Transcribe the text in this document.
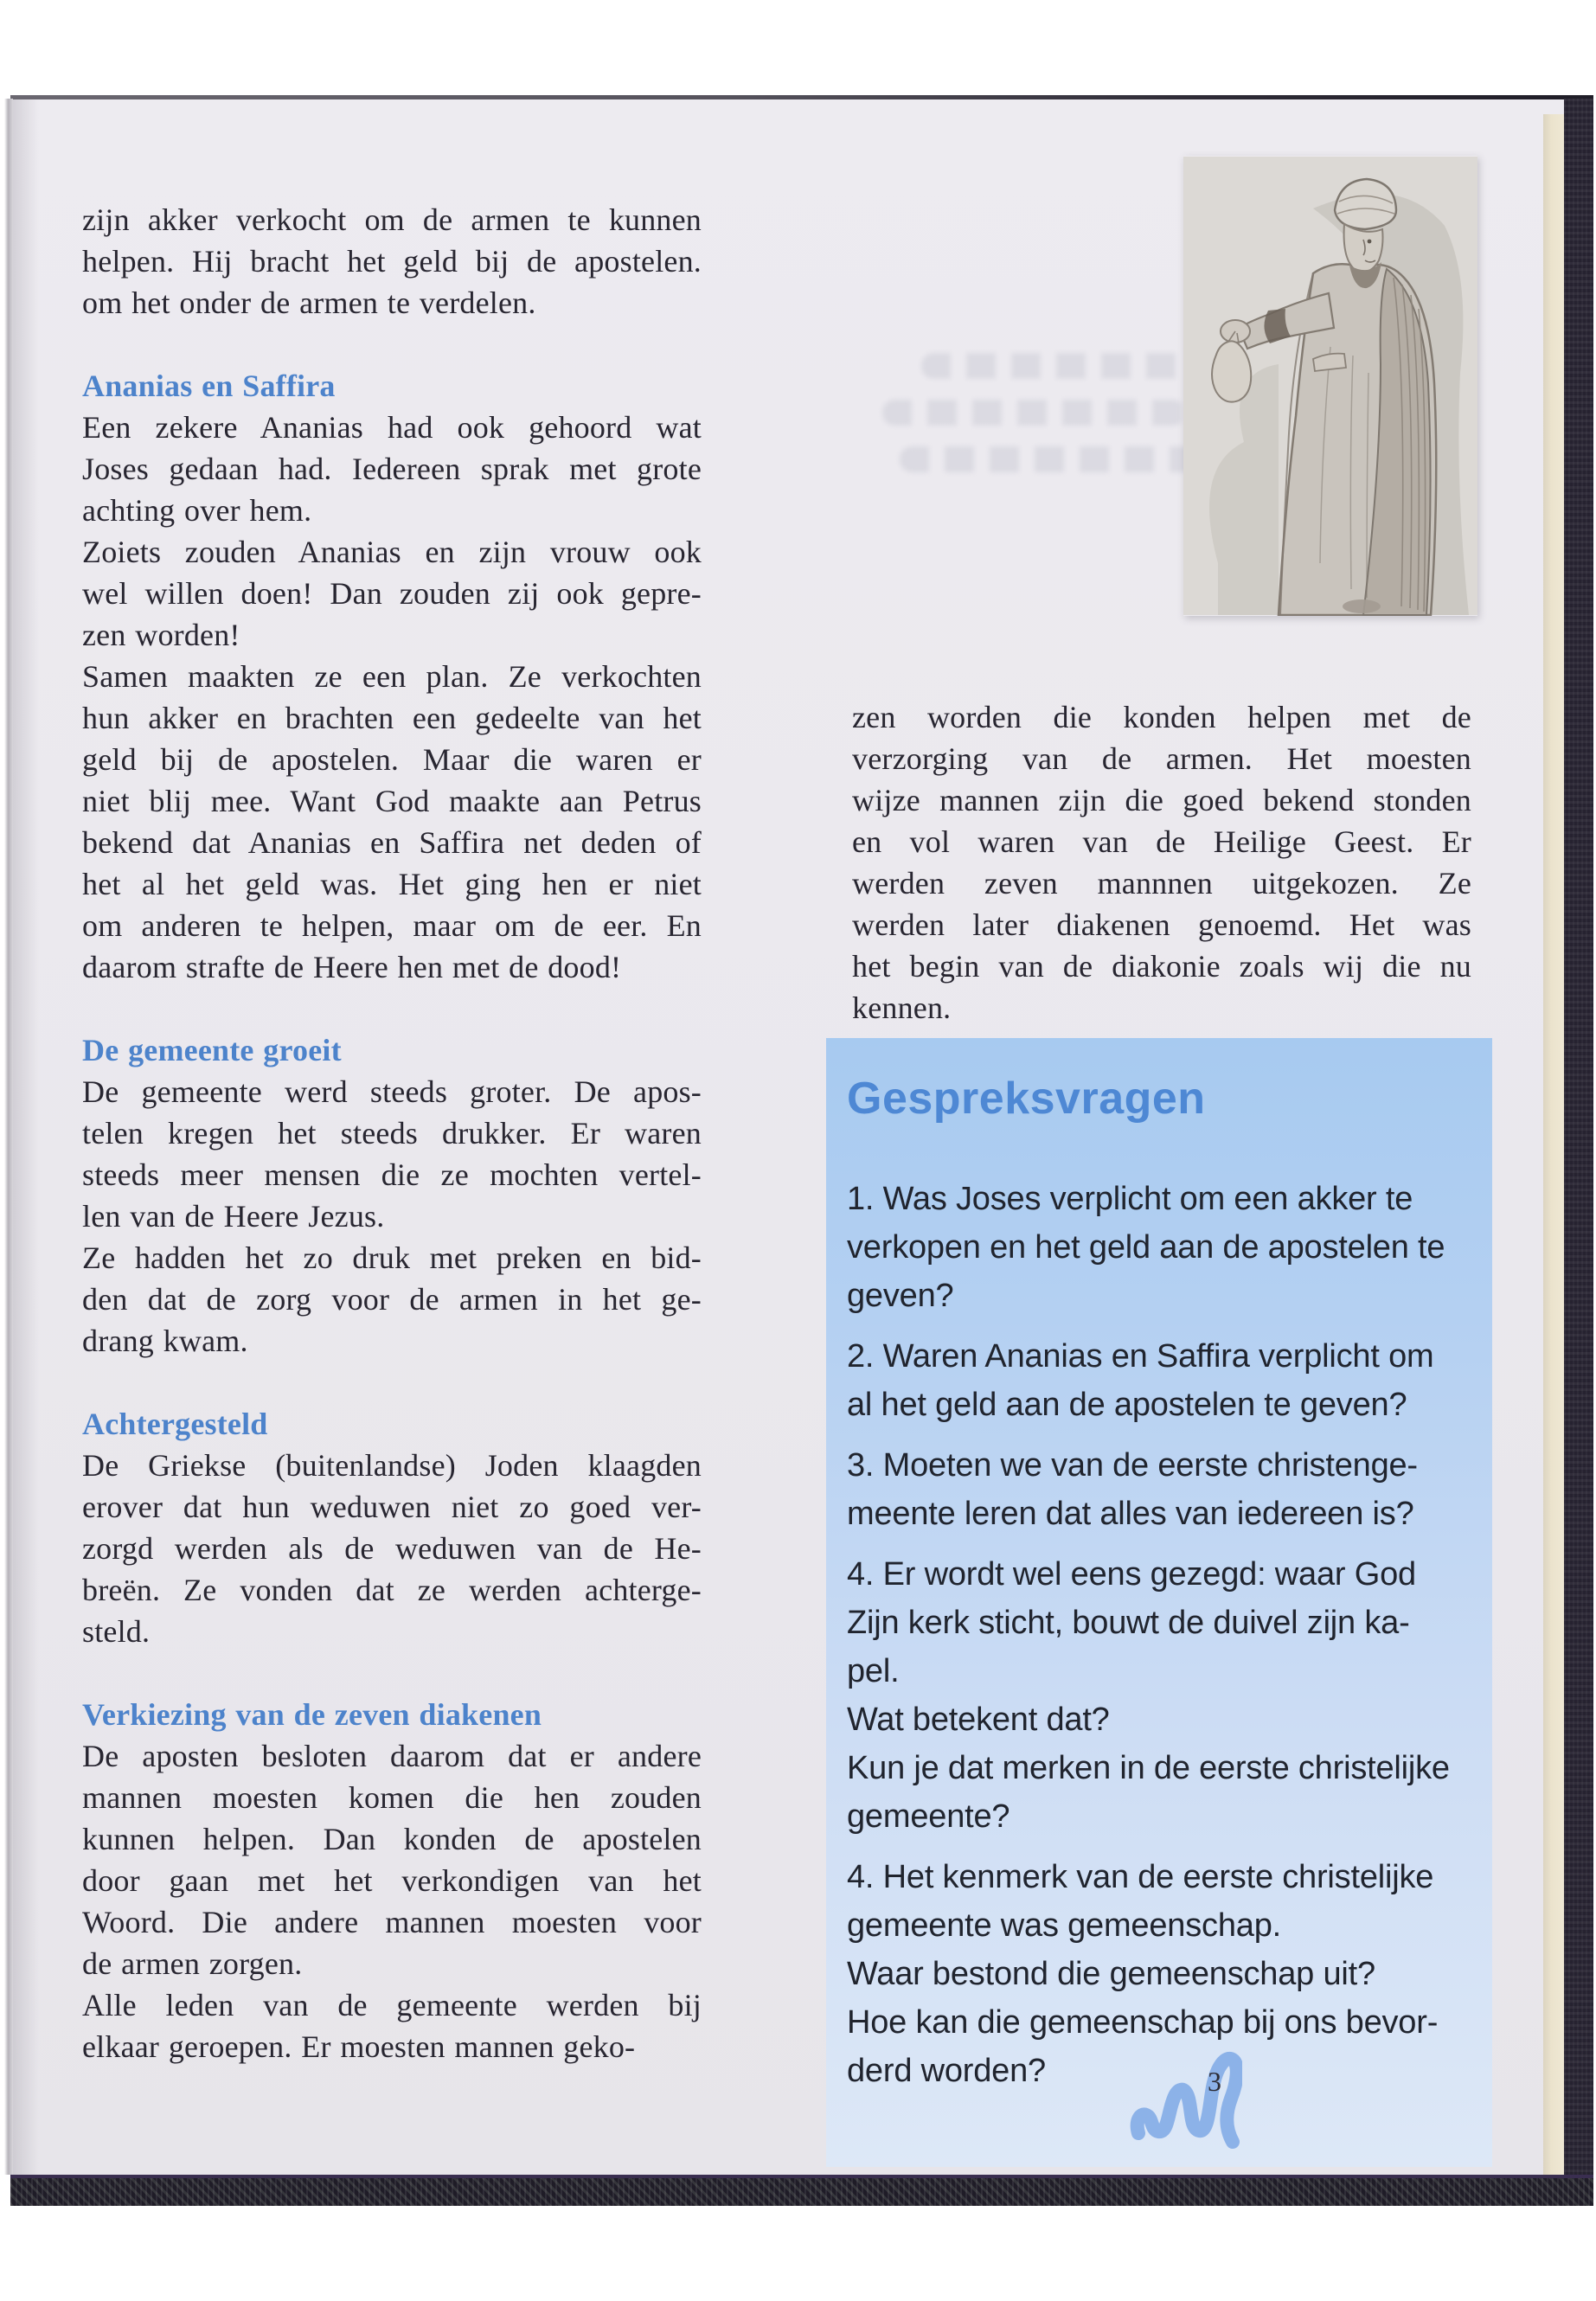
zijn akker verkocht om de armen te kunnen
helpen. Hij bracht het geld bij de apostelen.
om het onder de armen te verdelen.
Ananias en Saffira
Een zekere Ananias had ook gehoord wat
Joses gedaan had. Iedereen sprak met grote
achting over hem.
Zoiets zouden Ananias en zijn vrouw ook
wel willen doen! Dan zouden zij ook gepre-
zen worden!
Samen maakten ze een plan. Ze verkochten
hun akker en brachten een gedeelte van het
geld bij de apostelen. Maar die waren er
niet blij mee. Want God maakte aan Petrus
bekend dat Ananias en Saffira net deden of
het al het geld was. Het ging hen er niet
om anderen te helpen, maar om de eer. En
daarom strafte de Heere hen met de dood!
De gemeente groeit
De gemeente werd steeds groter. De apos-
telen kregen het steeds drukker. Er waren
steeds meer mensen die ze mochten vertel-
len van de Heere Jezus.
Ze hadden het zo druk met preken en bid-
den dat de zorg voor de armen in het ge-
drang kwam.
Achtergesteld
De Griekse (buitenlandse) Joden klaagden
erover dat hun weduwen niet zo goed ver-
zorgd werden als de weduwen van de He-
breën. Ze vonden dat ze werden achterge-
steld.
Verkiezing van de zeven diakenen
De aposten besloten daarom dat er andere
mannen moesten komen die hen zouden
kunnen helpen. Dan konden de apostelen
door gaan met het verkondigen van het
Woord. Die andere mannen moesten voor
de armen zorgen.
Alle leden van de gemeente werden bij
elkaar geroepen. Er moesten mannen geko-
zen worden die konden helpen met de
verzorging van de armen. Het moesten
wijze mannen zijn die goed bekend stonden
en vol waren van de Heilige Geest. Er
werden zeven mannnen uitgekozen. Ze
werden later diakenen genoemd. Het was
het begin van de diakonie zoals wij die nu
kennen.
Gespreksvragen
1. Was Joses verplicht om een akker te
verkopen en het geld aan de apostelen te
geven?
2. Waren Ananias en Saffira verplicht om
al het geld aan de apostelen te geven?
3. Moeten we van de eerste christenge-
meente leren dat alles van iedereen is?
4. Er wordt wel eens gezegd: waar God
Zijn kerk sticht, bouwt de duivel zijn ka-
pel.
Wat betekent dat?
Kun je dat merken in de eerste christelijke
gemeente?
4. Het kenmerk van de eerste christelijke
gemeente was gemeenschap.
Waar bestond die gemeenschap uit?
Hoe kan die gemeenschap bij ons bevor-
derd worden?	3
